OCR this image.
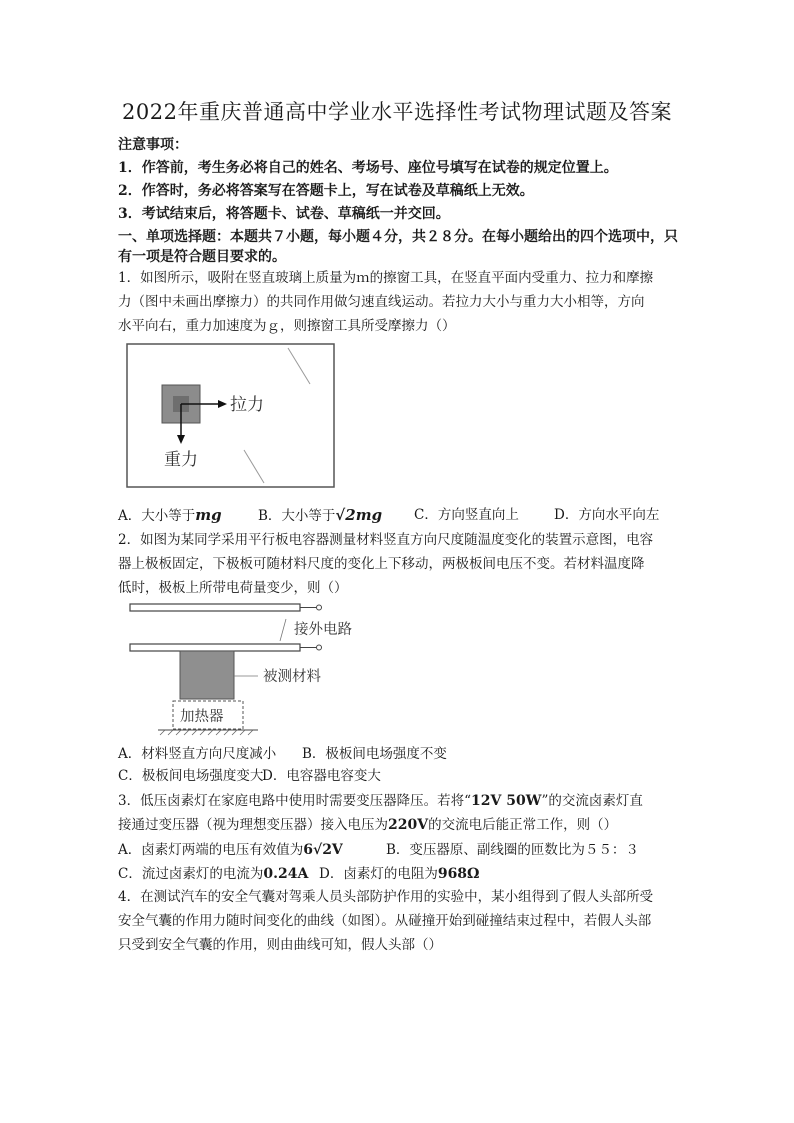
2022年重庆普通高中学业水平选择性考试物理试题及答案
注意事项：
1．作答前，考生务必将自己的姓名、考场号、座位号填写在试卷的规定位置上。
2．作答时，务必将答案写在答题卡上，写在试卷及草稿纸上无效。
3．考试结束后，将答题卡、试卷、草稿纸一并交回。
一、单项选择题：本题共７小题，每小题４分，共２８分。在每小题给出的四个选项中，只
有一项是符合题目要求的。
1．如图所示，吸附在竖直玻璃上质量为ｍ的擦窗工具，在竖直平面内受重力、拉力和摩擦
力（图中未画出摩擦力）的共同作用做匀速直线运动。若拉力大小与重力大小相等，方向
水平向右，重力加速度为ｇ，则擦窗工具所受摩擦力（）
拉力
重力
A．大小等于mg	B．大小等于√2mg C．方向竖直向上	D．方向水平向左
2．如图为某同学采用平行板电容器测量材料竖直方向尺度随温度变化的装置示意图，电容
器上极板固定，下极板可随材料尺度的变化上下移动，两极板间电压不变。若材料温度降
低时，极板上所带电荷量变少，则（）
接外电路
被测材料
加热器
A．材料竖直方向尺度减小 B．极板间电场强度不变
C．极板间电场强度变大
D．电容器电容变大
3．低压卤素灯在家庭电路中使用时需要变压器降压。若将“12V 50W”的交流卤素灯直
接通过变压器（视为理想变压器）接入电压为220V的交流电后能正常工作，则（）
A．卤素灯两端的电压有效值为6√2V	B．变压器原、副线圈的匝数比为５５：３
C．流过卤素灯的电流为0.24A D．卤素灯的电阻为968Ω
4．在测试汽车的安全气囊对驾乘人员头部防护作用的实验中，某小组得到了假人头部所受
安全气囊的作用力随时间变化的曲线（如图）。从碰撞开始到碰撞结束过程中，若假人头部
只受到安全气囊的作用，则由曲线可知，假人头部（）
